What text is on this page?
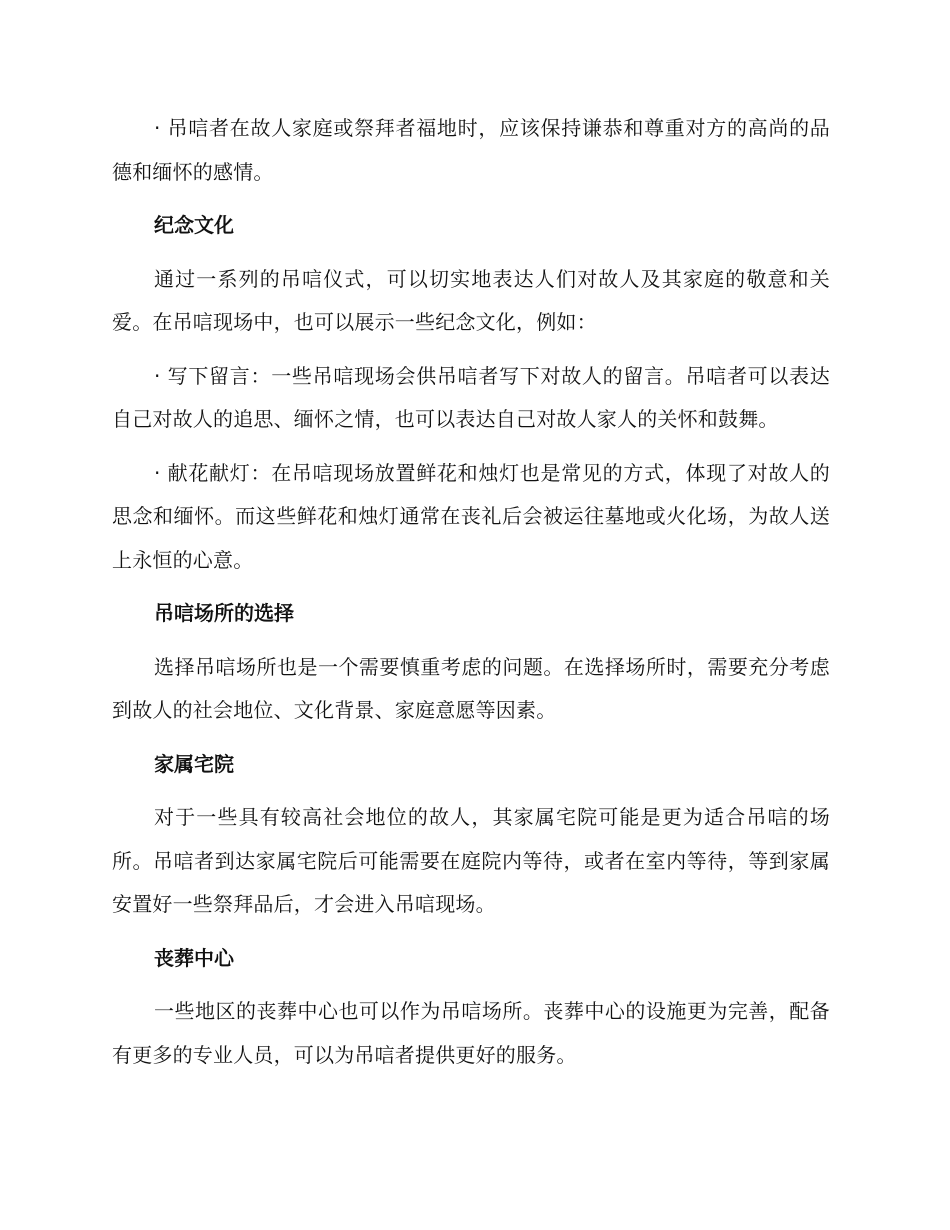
· 吊唁者在故人家庭或祭拜者福地时，应该保持谦恭和尊重对方的高尚的品德和缅怀的感情。

纪念文化

通过一系列的吊唁仪式，可以切实地表达人们对故人及其家庭的敬意和关爱。在吊唁现场中，也可以展示一些纪念文化，例如：

· 写下留言：一些吊唁现场会供吊唁者写下对故人的留言。吊唁者可以表达自己对故人的追思、缅怀之情，也可以表达自己对故人家人的关怀和鼓舞。

· 献花献灯：在吊唁现场放置鲜花和烛灯也是常见的方式，体现了对故人的思念和缅怀。而这些鲜花和烛灯通常在丧礼后会被运往墓地或火化场，为故人送上永恒的心意。

吊唁场所的选择

选择吊唁场所也是一个需要慎重考虑的问题。在选择场所时，需要充分考虑到故人的社会地位、文化背景、家庭意愿等因素。

家属宅院

对于一些具有较高社会地位的故人，其家属宅院可能是更为适合吊唁的场所。吊唁者到达家属宅院后可能需要在庭院内等待，或者在室内等待，等到家属安置好一些祭拜品后，才会进入吊唁现场。

丧葬中心

一些地区的丧葬中心也可以作为吊唁场所。丧葬中心的设施更为完善，配备有更多的专业人员，可以为吊唁者提供更好的服务。
